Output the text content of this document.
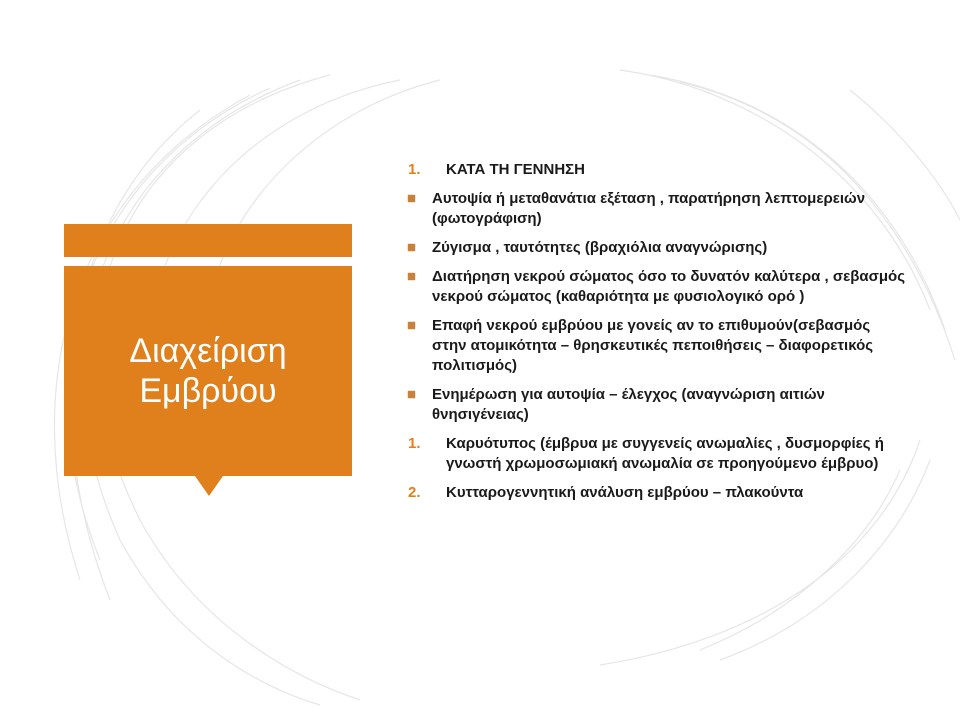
Διαχείριση
Εμβρύου
1.	ΚΑΤΑ ΤΗ ΓΕΝΝΗΣΗ
Αυτοψία ή μεταθανάτια εξέταση , παρατήρηση λεπτομερειών (φωτογράφιση)
Ζύγισμα , ταυτότητες (βραχιόλια αναγνώρισης)
Διατήρηση νεκρού σώματος όσο το δυνατόν καλύτερα , σεβασμός νεκρού σώματος (καθαριότητα με φυσιολογικό ορό )
Επαφή νεκρού εμβρύου με γονείς αν το επιθυμούν(σεβασμός στην ατομικότητα – θρησκευτικές πεποιθήσεις – διαφορετικός πολιτισμός)
Ενημέρωση για αυτοψία – έλεγχος (αναγνώριση αιτιών θνησιγένειας)
1.	Καρυότυπος (έμβρυα με συγγενείς ανωμαλίες , δυσμορφίες ή γνωστή χρωμοσωμιακή ανωμαλία σε προηγούμενο έμβρυο)
2.	Κυτταρογεννητική ανάλυση εμβρύου – πλακούντα
